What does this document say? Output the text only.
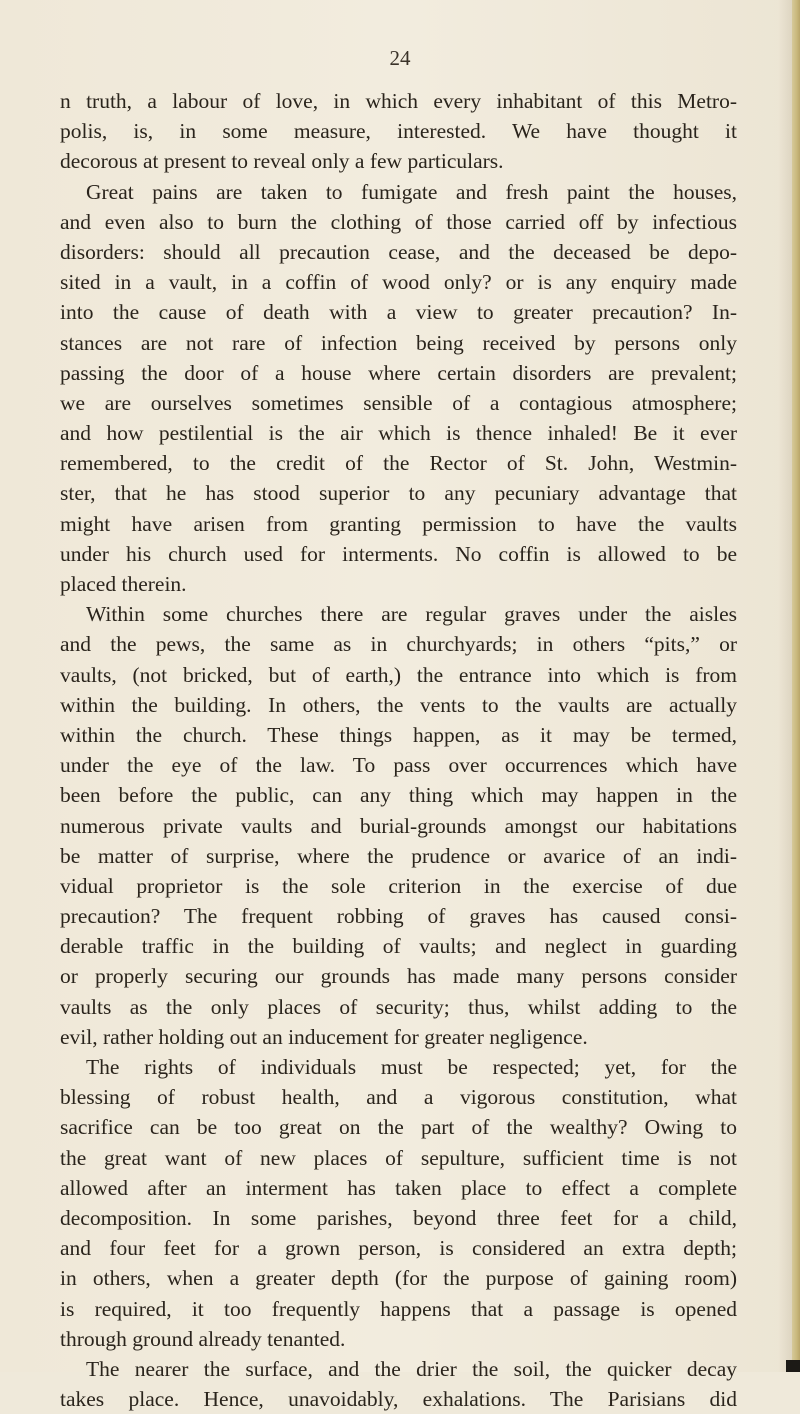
24
n truth, a labour of love, in which every inhabitant of this Metro-
polis, is, in some measure, interested. We have thought it
decorous at present to reveal only a few particulars.
Great pains are taken to fumigate and fresh paint the houses,
and even also to burn the clothing of those carried off by infectious
disorders: should all precaution cease, and the deceased be depo-
sited in a vault, in a coffin of wood only? or is any enquiry made
into the cause of death with a view to greater precaution? In-
stances are not rare of infection being received by persons only
passing the door of a house where certain disorders are prevalent;
we are ourselves sometimes sensible of a contagious atmosphere;
and how pestilential is the air which is thence inhaled! Be it ever
remembered, to the credit of the Rector of St. John, Westmin-
ster, that he has stood superior to any pecuniary advantage that
might have arisen from granting permission to have the vaults
under his church used for interments. No coffin is allowed to be
placed therein.
Within some churches there are regular graves under the aisles
and the pews, the same as in churchyards; in others “pits,” or
vaults, (not bricked, but of earth,) the entrance into which is from
within the building. In others, the vents to the vaults are actually
within the church. These things happen, as it may be termed,
under the eye of the law. To pass over occurrences which have
been before the public, can any thing which may happen in the
numerous private vaults and burial-grounds amongst our habitations
be matter of surprise, where the prudence or avarice of an indi-
vidual proprietor is the sole criterion in the exercise of due
precaution? The frequent robbing of graves has caused consi-
derable traffic in the building of vaults; and neglect in guarding
or properly securing our grounds has made many persons consider
vaults as the only places of security; thus, whilst adding to the
evil, rather holding out an inducement for greater negligence.
The rights of individuals must be respected; yet, for the
blessing of robust health, and a vigorous constitution, what
sacrifice can be too great on the part of the wealthy? Owing to
the great want of new places of sepulture, sufficient time is not
allowed after an interment has taken place to effect a complete
decomposition. In some parishes, beyond three feet for a child,
and four feet for a grown person, is considered an extra depth;
in others, when a greater depth (for the purpose of gaining room)
is required, it too frequently happens that a passage is opened
through ground already tenanted.
The nearer the surface, and the drier the soil, the quicker decay
takes place. Hence, unavoidably, exhalations. The Parisians did
